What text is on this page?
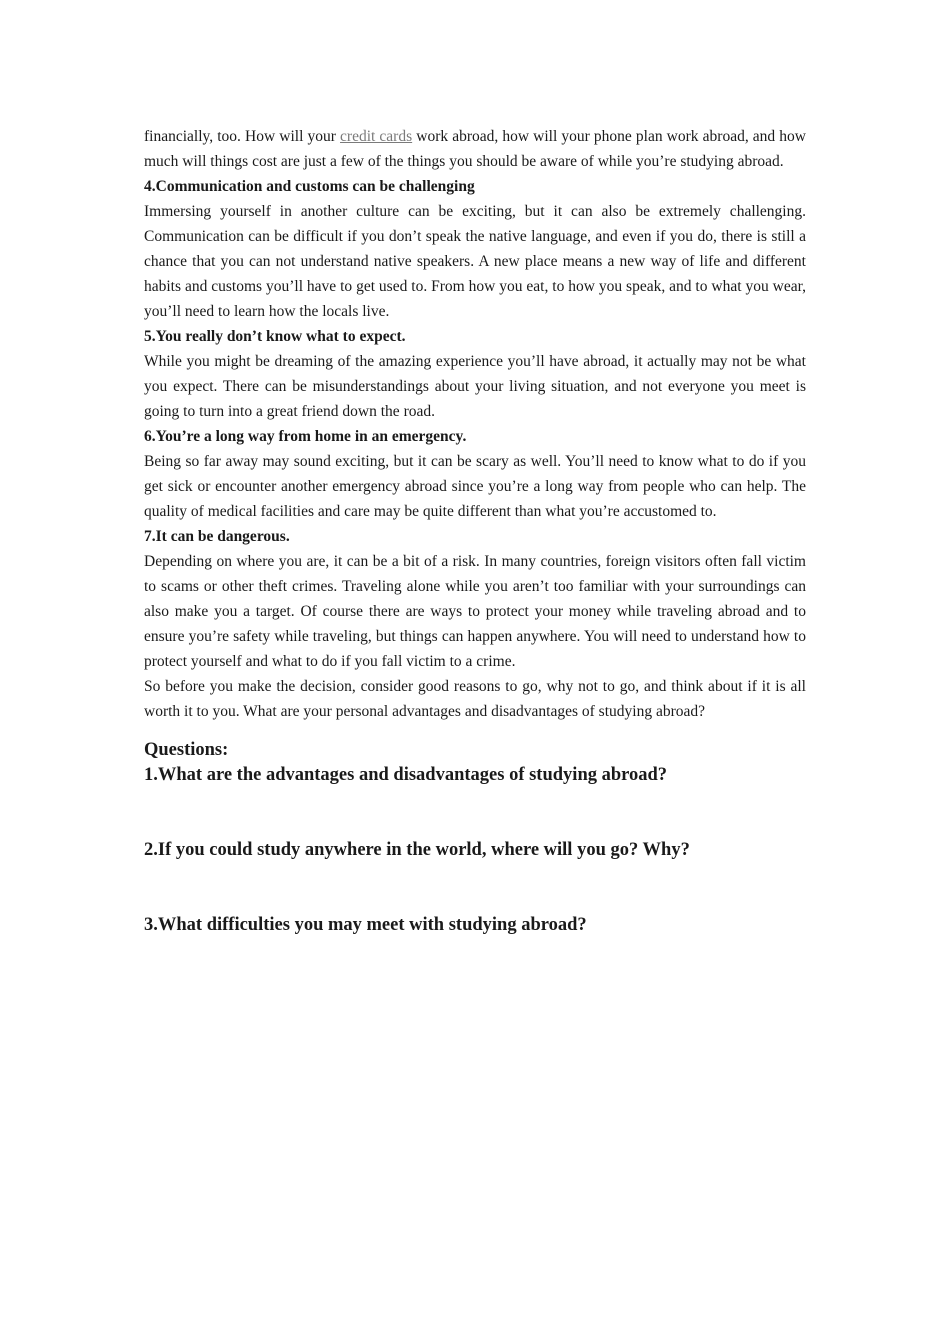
financially, too. How will your credit cards work abroad, how will your phone plan work abroad, and how much will things cost are just a few of the things you should be aware of while you’re studying abroad.

4.Communication and customs can be challenging

Immersing yourself in another culture can be exciting, but it can also be extremely challenging. Communication can be difficult if you don’t speak the native language, and even if you do, there is still a chance that you can not understand native speakers. A new place means a new way of life and different habits and customs you’ll have to get used to. From how you eat, to how you speak, and to what you wear, you’ll need to learn how the locals live.

5.You really don’t know what to expect.

While you might be dreaming of the amazing experience you’ll have abroad, it actually may not be what you expect. There can be misunderstandings about your living situation, and not everyone you meet is going to turn into a great friend down the road.

6.You’re a long way from home in an emergency.

Being so far away may sound exciting, but it can be scary as well. You’ll need to know what to do if you get sick or encounter another emergency abroad since you’re a long way from people who can help. The quality of medical facilities and care may be quite different than what you’re accustomed to.

7.It can be dangerous.

Depending on where you are, it can be a bit of a risk. In many countries, foreign visitors often fall victim to scams or other theft crimes. Traveling alone while you aren’t too familiar with your surroundings can also make you a target. Of course there are ways to protect your money while traveling abroad and to ensure you’re safety while traveling, but things can happen anywhere. You will need to understand how to protect yourself and what to do if you fall victim to a crime.

So before you make the decision, consider good reasons to go, why not to go, and think about if it is all worth it to you. What are your personal advantages and disadvantages of studying abroad?

Questions:

1.What are the advantages and disadvantages of studying abroad?

2.If you could study anywhere in the world, where will you go? Why?

3.What difficulties you may meet with studying abroad?
